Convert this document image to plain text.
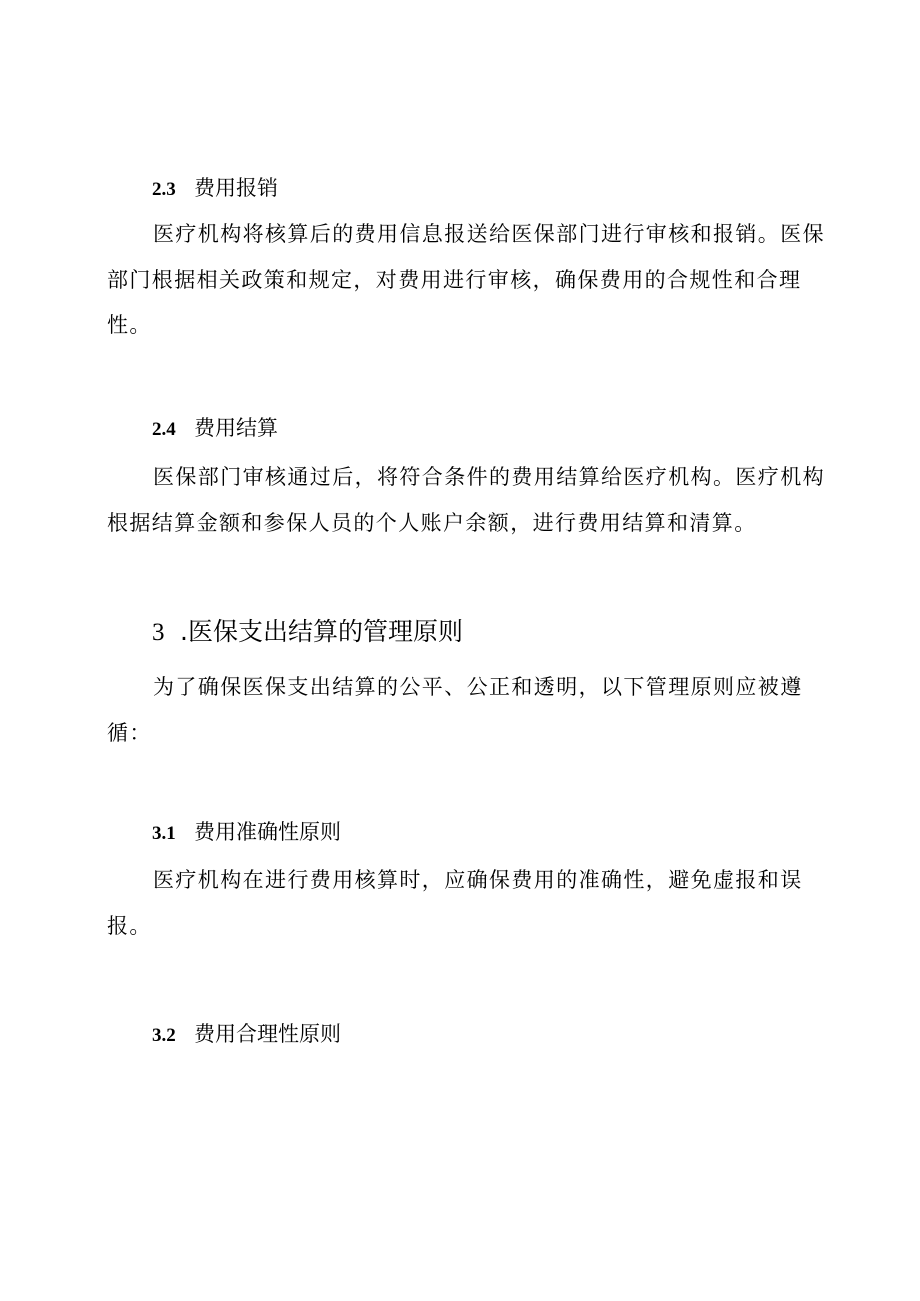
2.3 费用报销

医疗机构将核算后的费用信息报送给医保部门进行审核和报销。医保部门根据相关政策和规定，对费用进行审核，确保费用的合规性和合理性。

2.4 费用结算

医保部门审核通过后，将符合条件的费用结算给医疗机构。医疗机构根据结算金额和参保人员的个人账户余额，进行费用结算和清算。

3 .医保支出结算的管理原则

为了确保医保支出结算的公平、公正和透明，以下管理原则应被遵循：

3.1 费用准确性原则

医疗机构在进行费用核算时，应确保费用的准确性，避免虚报和误报。

3.2 费用合理性原则
